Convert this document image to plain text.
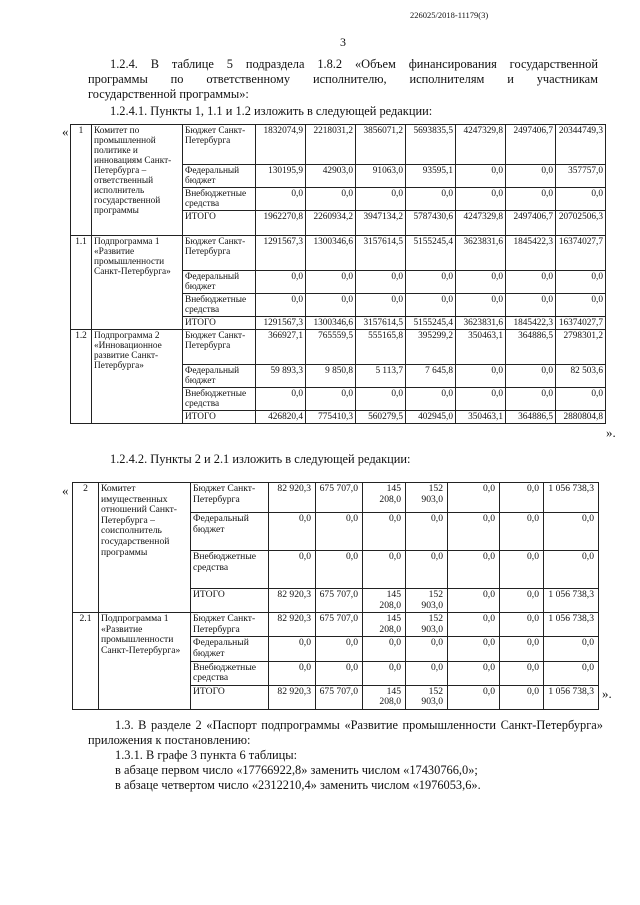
226025/2018-11179(3)
3
1.2.4. В таблице 5 подраздела 1.8.2 «Объем финансирования государственной
программы по ответственному исполнителю, исполнителям и участникам
государственной программы»:
1.2.4.1. Пункты 1, 1.1 и 1.2 изложить в следующей редакции:
« 1	Комитет по промышленной политике и инновациям Санкт-Петербурга – ответственный исполнитель государственной программы	Бюджет Санкт-Петербурга	1832074,9	2218031,2	3856071,2	5693835,5	4247329,8	2497406,7	20344749,3
		Федеральный бюджет	130195,9	42903,0	91063,0	93595,1	0,0	0,0	357757,0
		Внебюджетные средства	0,0	0,0	0,0	0,0	0,0	0,0	0,0
		ИТОГО	1962270,8	2260934,2	3947134,2	5787430,6	4247329,8	2497406,7	20702506,3
1.1	Подпрограмма 1 «Развитие промышленности Санкт-Петербурга»	Бюджет Санкт-Петербурга	1291567,3	1300346,6	3157614,5	5155245,4	3623831,6	1845422,3	16374027,7
		Федеральный бюджет	0,0	0,0	0,0	0,0	0,0	0,0	0,0
		Внебюджетные средства	0,0	0,0	0,0	0,0	0,0	0,0	0,0
		ИТОГО	1291567,3	1300346,6	3157614,5	5155245,4	3623831,6	1845422,3	16374027,7
1.2	Подпрограмма 2 «Инновационное развитие Санкт-Петербурга»	Бюджет Санкт-Петербурга	366927,1	765559,5	555165,8	395299,2	350463,1	364886,5	2798301,2
		Федеральный бюджет	59 893,3	9 850,8	5 113,7	7 645,8	0,0	0,0	82 503,6
		Внебюджетные средства	0,0	0,0	0,0	0,0	0,0	0,0	0,0
		ИТОГО	426820,4	775410,3	560279,5	402945,0	350463,1	364886,5	2880804,8
».
1.2.4.2. Пункты 2 и 2.1 изложить в следующей редакции:
« 2	Комитет имущественных отношений Санкт-Петербурга – соисполнитель государственной программы	Бюджет Санкт-Петербурга	82 920,3	675 707,0	145 208,0	152 903,0	0,0	0,0	1 056 738,3
		Федеральный бюджет	0,0	0,0	0,0	0,0	0,0	0,0	0,0
		Внебюджетные средства	0,0	0,0	0,0	0,0	0,0	0,0	0,0
		ИТОГО	82 920,3	675 707,0	145 208,0	152 903,0	0,0	0,0	1 056 738,3
2.1	Подпрограмма 1 «Развитие промышленности Санкт-Петербурга»	Бюджет Санкт-Петербурга	82 920,3	675 707,0	145 208,0	152 903,0	0,0	0,0	1 056 738,3
		Федеральный бюджет	0,0	0,0	0,0	0,0	0,0	0,0	0,0
		Внебюджетные средства	0,0	0,0	0,0	0,0	0,0	0,0	0,0
		ИТОГО	82 920,3	675 707,0	145 208,0	152 903,0	0,0	0,0	1 056 738,3 ».
1.3. В разделе 2 «Паспорт подпрограммы «Развитие промышленности Санкт-Петербурга»
приложения к постановлению:
1.3.1. В графе 3 пункта 6 таблицы:
в абзаце первом число «17766922,8» заменить числом «17430766,0»;
в абзаце четвертом число «2312210,4» заменить числом «1976053,6».
